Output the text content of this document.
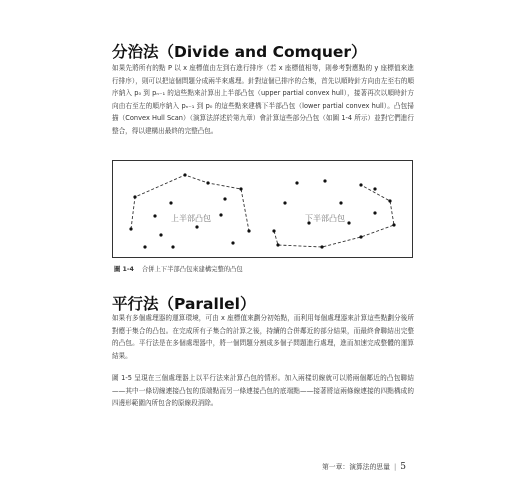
分治法（Divide and Comquer）
如果先將所有的點 P 以 x 座標值由左到右進行排序（若 x 座標值相等，則參考對應點的 y 座標值來進行排序），則可以把這個問題分成兩半來處理。針對這個已排序的合集，首先以順時針方向由左至右的順序納入 p₀ 到 pₙ₋₁ 的這些點來計算出上半部凸包（upper partial convex hull），接著再次以順時針方向由右至左的順序納入 pₙ₋₁ 到 p₀ 的這些點來建構下半部凸包（lower partial convex hull）。凸包掃描（Convex Hull Scan）（演算法詳述於第九章）會計算這些部分凸包（如圖 1-4 所示）並對它們進行整合，得以建構出最終的完整凸包。
上半部凸包	下半部凸包
圖 1-4 合併上下半部凸包來建構完整的凸包
平行法（Parallel）
如果有多個處理器的運算環境，可由 x 座標值來劃分初始點，而利用每個處理器來計算這些點劃分後所對應于集合的凸包。在完成所有子集合的計算之後，持續的合併鄰近的部分結果，而最終會聯結出完整的凸包。平行法是在多個處理器中，將一個問題分割成多個子問題進行處理，進而加速完成整體的運算結果。
圖 1-5 呈現在三個處理器上以平行法來計算凸包的情形。加入兩樣切線就可以將兩個鄰近的凸包聯結——其中一條切線連接凸包的頂端點而另一條連接凸包的底端點——接著將這兩條線連接的四點構成的四邊形範圍內所包含的原線段消除。
第一章：演算法的思量 | 5
